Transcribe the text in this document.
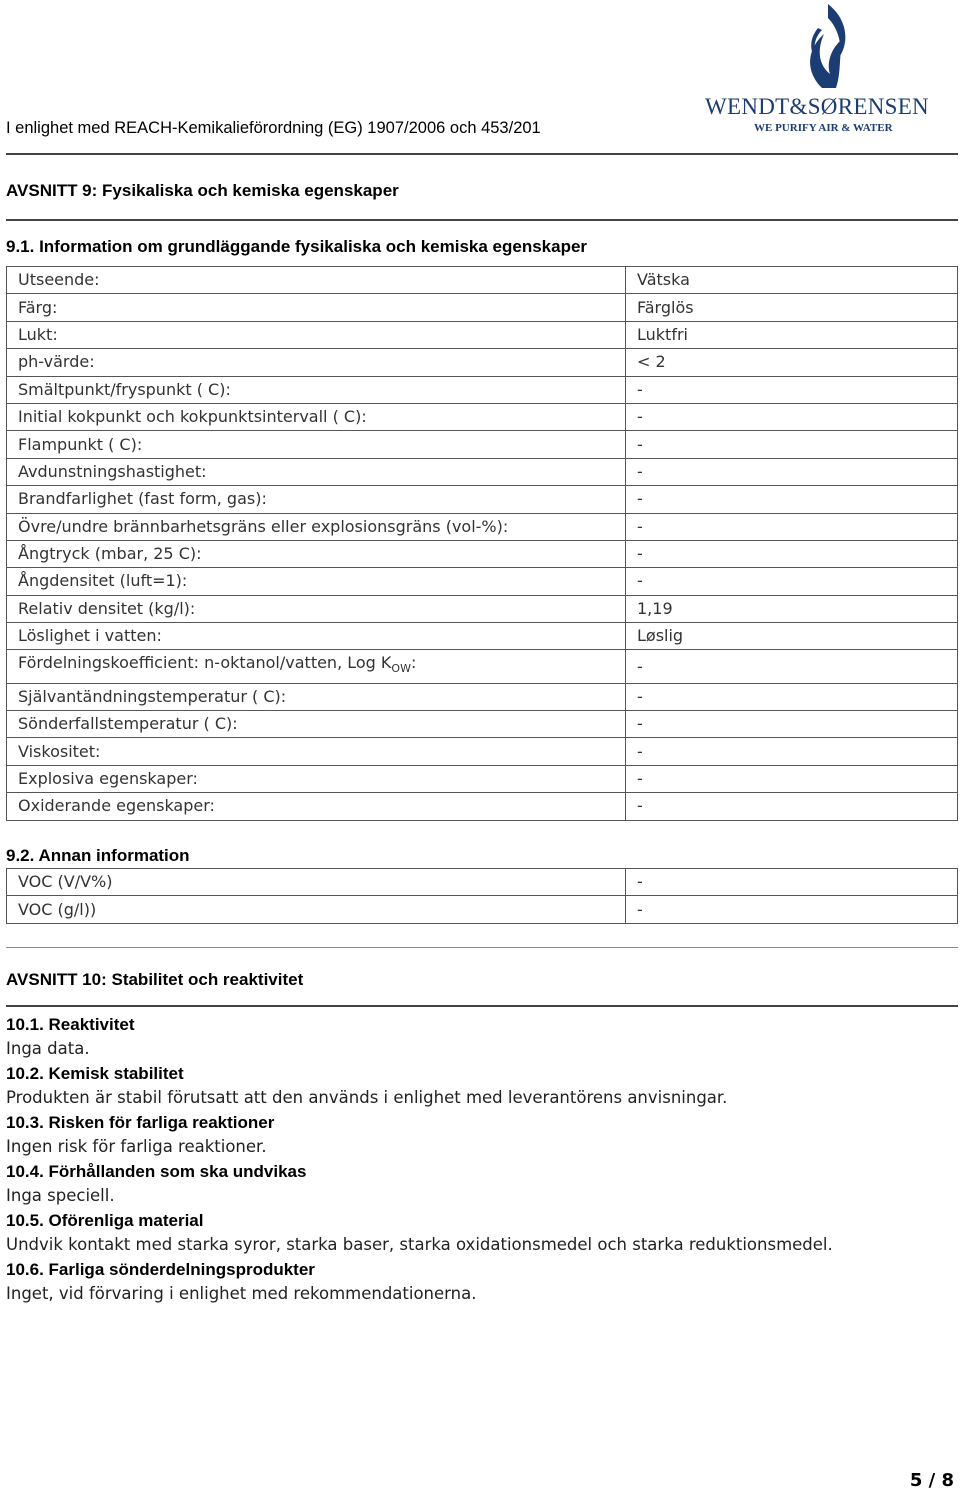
I enlighet med REACH-Kemikalieförordning (EG) 1907/2006 och 453/201
WENDT&SØRENSEN
WE PURIFY AIR & WATER
AVSNITT 9: Fysikaliska och kemiska egenskaper
9.1. Information om grundläggande fysikaliska och kemiska egenskaper
Utseende:	Vätska
Färg:	Färglös
Lukt:	Luktfri
ph-värde:	< 2
Smältpunkt/fryspunkt ( C):	-
Initial kokpunkt och kokpunktsintervall ( C):	-
Flampunkt ( C):	-
Avdunstningshastighet:	-
Brandfarlighet (fast form, gas):	-
Övre/undre brännbarhetsgräns eller explosionsgräns (vol-%):	-
Ångtryck (mbar, 25 C):	-
Ångdensitet (luft=1):	-
Relativ densitet (kg/l):	1,19
Löslighet i vatten:	Løslig
Fördelningskoefficient: n-oktanol/vatten, Log $K_{OW}$:	-
Självantändningstemperatur ( C):	-
Sönderfallstemperatur ( C):	-
Viskositet:	-
Explosiva egenskaper:	-
Oxiderande egenskaper:	-
9.2. Annan information
VOC (V/V%)	-
VOC (g/l))	-
AVSNITT 10: Stabilitet och reaktivitet
10.1. Reaktivitet
Inga data.
10.2. Kemisk stabilitet
Produkten är stabil förutsatt att den används i enlighet med leverantörens anvisningar.
10.3. Risken för farliga reaktioner
Ingen risk för farliga reaktioner.
10.4. Förhållanden som ska undvikas
Inga speciell.
10.5. Oförenliga material
Undvik kontakt med starka syror, starka baser, starka oxidationsmedel och starka reduktionsmedel.
10.6. Farliga sönderdelningsprodukter
Inget, vid förvaring i enlighet med rekommendationerna.
5 / 8
